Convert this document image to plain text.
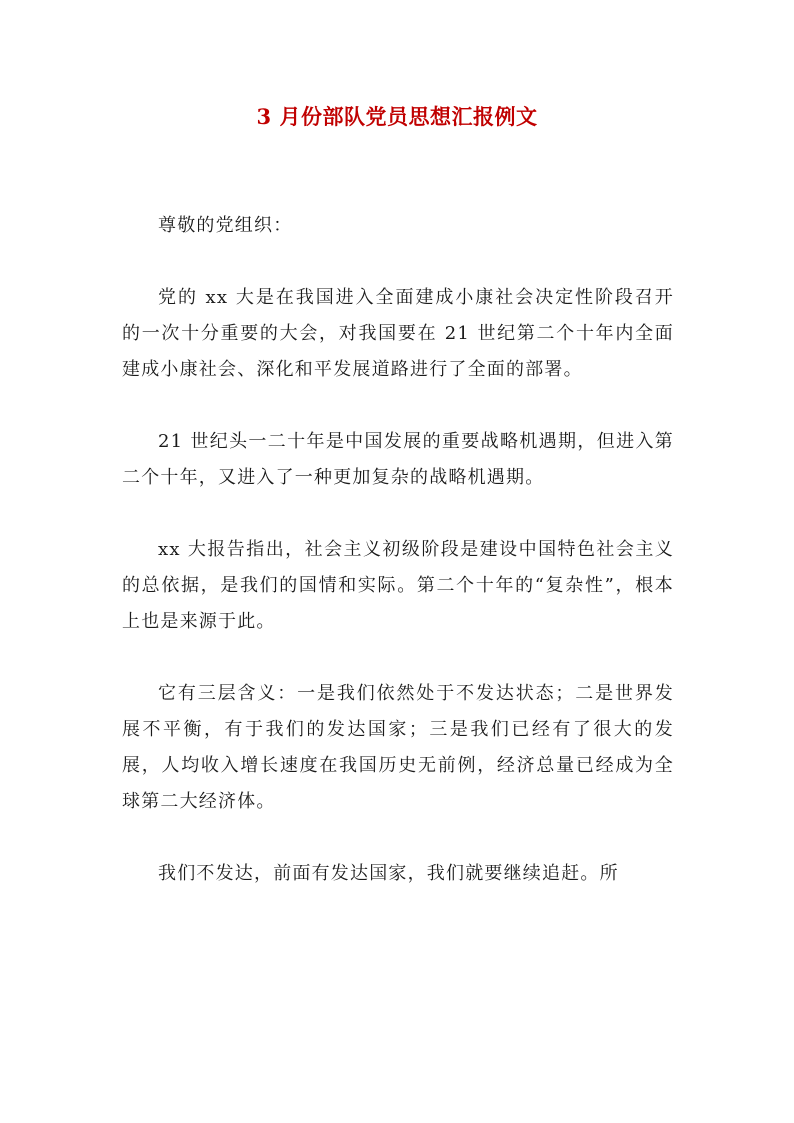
3 月份部队党员思想汇报例文

尊敬的党组织：

党的 xx 大是在我国进入全面建成小康社会决定性阶段召开的一次十分重要的大会，对我国要在 21 世纪第二个十年内全面建成小康社会、深化和平发展道路进行了全面的部署。

21 世纪头一二十年是中国发展的重要战略机遇期，但进入第二个十年，又进入了一种更加复杂的战略机遇期。

xx 大报告指出，社会主义初级阶段是建设中国特色社会主义的总依据，是我们的国情和实际。第二个十年的“复杂性”，根本上也是来源于此。

它有三层含义：一是我们依然处于不发达状态；二是世界发展不平衡，有于我们的发达国家；三是我们已经有了很大的发展，人均收入增长速度在我国历史无前例，经济总量已经成为全球第二大经济体。

我们不发达，前面有发达国家，我们就要继续追赶。所
